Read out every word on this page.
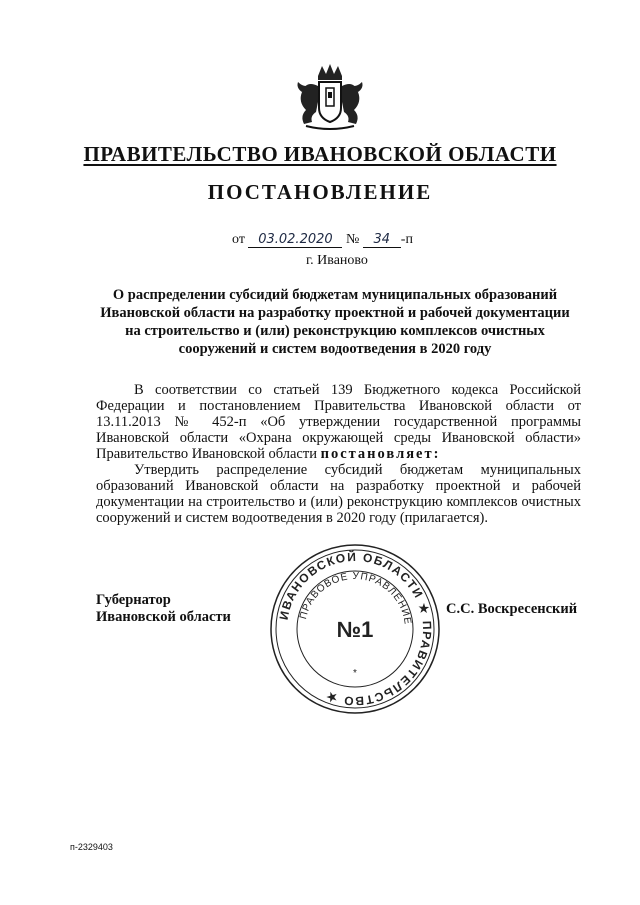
ПРАВИТЕЛЬСТВО ИВАНОВСКОЙ ОБЛАСТИ
ПОСТАНОВЛЕНИЕ
от 03.02.2020 № 34 -п
г. Иваново
О распределении субсидий бюджетам муниципальных образований Ивановской области на разработку проектной и рабочей документации на строительство и (или) реконструкцию комплексов очистных сооружений и систем водоотведения в 2020 году

В соответствии со статьей 139 Бюджетного кодекса Российской Федерации и постановлением Правительства Ивановской области от 13.11.2013 № 452-п «Об утверждении государственной программы Ивановской области «Охрана окружающей среды Ивановской области» Правительство Ивановской области постановляет:

Утвердить распределение субсидий бюджетам муниципальных образований Ивановской области на разработку проектной и рабочей документации на строительство и (или) реконструкцию комплексов очистных сооружений и систем водоотведения в 2020 году (прилагается).

Губернатор
Ивановской области	С.С. Воскресенский
ИВАНОВСКОЙ ОБЛАСТИ ★ ПРАВИТЕЛЬСТВО ★
ПРАВОВОЕ УПРАВЛЕНИЕ
№1
*
п-2329403
